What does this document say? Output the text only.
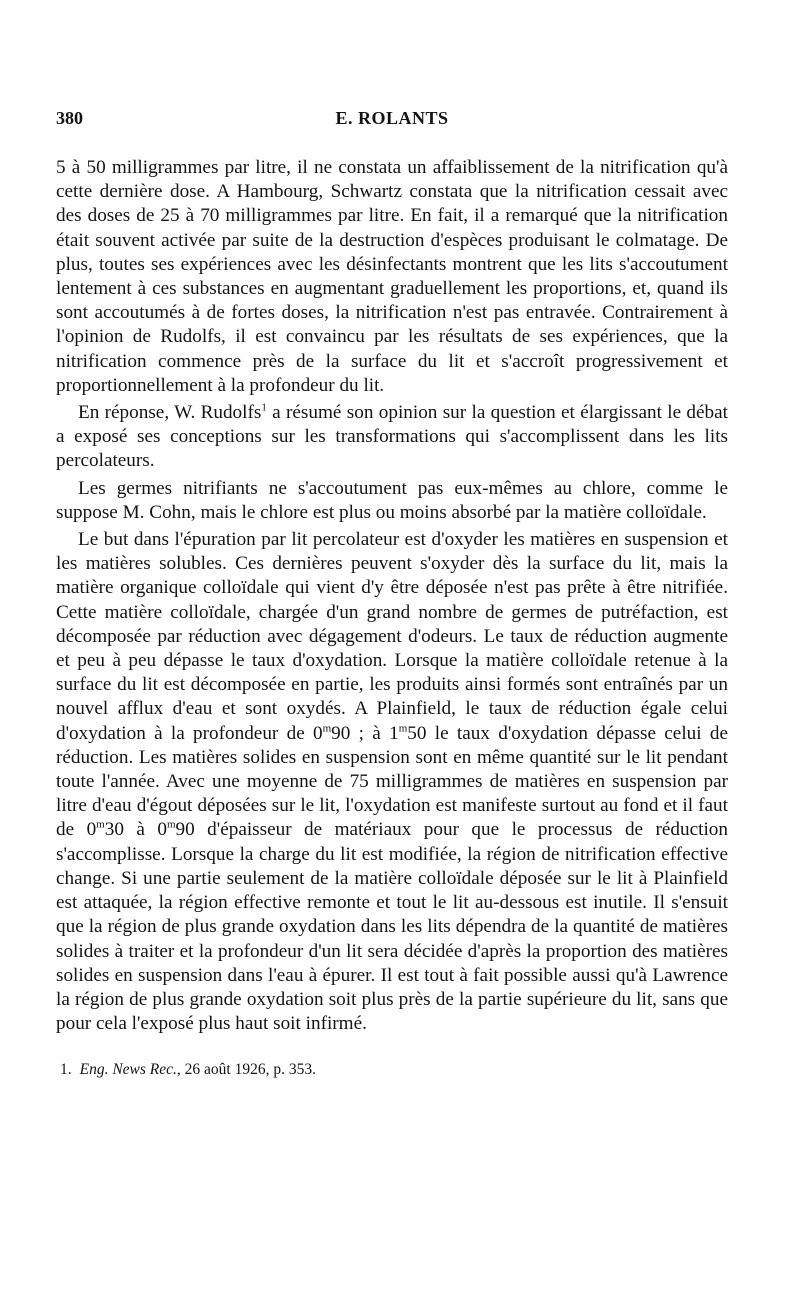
380	E. ROLANTS

5 à 50 milligrammes par litre, il ne constata un affaiblissement de la nitrification qu'à cette dernière dose. A Hambourg, Schwartz constata que la nitrification cessait avec des doses de 25 à 70 milligrammes par litre. En fait, il a remarqué que la nitrification était souvent activée par suite de la destruction d'espèces produisant le colmatage. De plus, toutes ses expériences avec les désinfectants montrent que les lits s'accoutument lentement à ces substances en augmentant graduellement les proportions, et, quand ils sont accoutumés à de fortes doses, la nitrification n'est pas entravée. Contrairement à l'opinion de Rudolfs, il est convaincu par les résultats de ses expériences, que la nitrification commence près de la surface du lit et s'accroît progressivement et proportionnellement à la profondeur du lit.

En réponse, W. Rudolfs$^1$ a résumé son opinion sur la question et élargissant le débat a exposé ses conceptions sur les transformations qui s'accomplissent dans les lits percolateurs.

Les germes nitrifiants ne s'accoutument pas eux-mêmes au chlore, comme le suppose M. Cohn, mais le chlore est plus ou moins absorbé par la matière colloïdale.

Le but dans l'épuration par lit percolateur est d'oxyder les matières en suspension et les matières solubles. Ces dernières peuvent s'oxyder dès la surface du lit, mais la matière organique colloïdale qui vient d'y être déposée n'est pas prête à être nitrifiée. Cette matière colloïdale, chargée d'un grand nombre de germes de putréfaction, est décomposée par réduction avec dégagement d'odeurs. Le taux de réduction augmente et peu à peu dépasse le taux d'oxydation. Lorsque la matière colloïdale retenue à la surface du lit est décomposée en partie, les produits ainsi formés sont entraînés par un nouvel afflux d'eau et sont oxydés. A Plainfield, le taux de réduction égale celui d'oxydation à la profondeur de 0$^m$90 ; à 1$^m$50 le taux d'oxydation dépasse celui de réduction. Les matières solides en suspension sont en même quantité sur le lit pendant toute l'année. Avec une moyenne de 75 milligrammes de matières en suspension par litre d'eau d'égout déposées sur le lit, l'oxydation est manifeste surtout au fond et il faut de 0$^m$30 à 0$^m$90 d'épaisseur de matériaux pour que le processus de réduction s'accomplisse. Lorsque la charge du lit est modifiée, la région de nitrification effective change. Si une partie seulement de la matière colloïdale déposée sur le lit à Plainfield est attaquée, la région effective remonte et tout le lit au-dessous est inutile. Il s'ensuit que la région de plus grande oxydation dans les lits dépendra de la quantité de matières solides à traiter et la profondeur d'un lit sera décidée d'après la proportion des matières solides en suspension dans l'eau à épurer. Il est tout à fait possible aussi qu'à Lawrence la région de plus grande oxydation soit plus près de la partie supérieure du lit, sans que pour cela l'exposé plus haut soit infirmé.

1. Eng. News Rec., 26 août 1926, p. 353.
